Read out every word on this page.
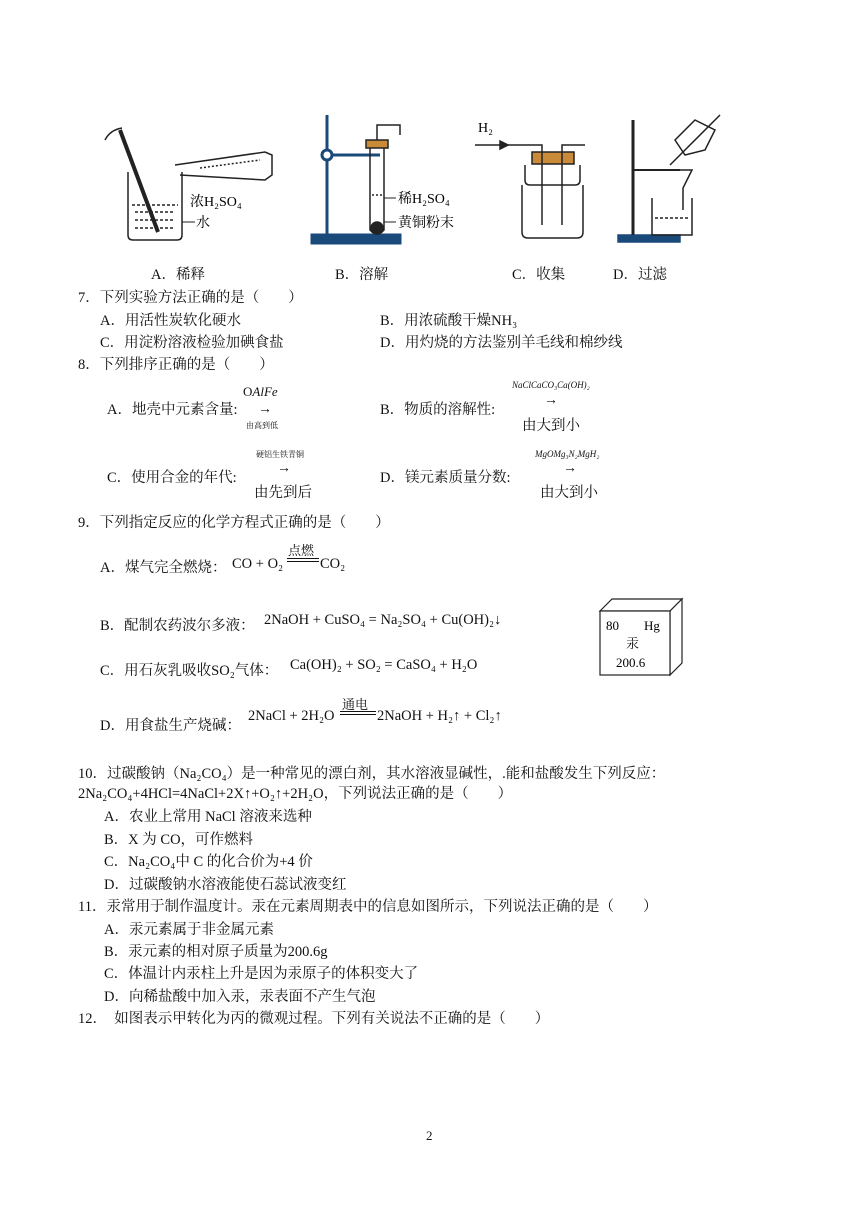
浓H₂SO₄
水
稀H₂SO₄
黄铜粉末
H₂
A．稀释	B．溶解	C．收集	D．过滤
7．下列实验方法正确的是（　　）
A．用活性炭软化硬水	B．用浓硫酸干燥NH₃
C．用淀粉溶液检验加碘食盐	D．用灼烧的方法鉴别羊毛线和棉纱线
8．下列排序正确的是（　　）
A．地壳中元素含量:
OAlFe
→
由高到低
B．物质的溶解性:
NaClCaCO₃Ca(OH)₂
→
由大到小
C．使用合金的年代:
硬铝生铁青铜
→
由先到后
D．镁元素质量分数:
MgOMg₃N₂MgH₂
→
由大到小
9．下列指定反应的化学方程式正确的是（　　）
A．煤气完全燃烧： CO + O₂
点燃
CO₂
B．配制农药波尔多液： 2NaOH + CuSO₄ = Na₂SO₄ + Cu(OH)₂↓
C．用石灰乳吸收SO₂气体： Ca(OH)₂ + SO₂ = CaSO₄ + H₂O
D．用食盐生产烧碱：
2NaCl + 2H₂O
通电
2NaOH + H₂↑ + Cl₂↑
80 Hg
汞
200.6
10．过碳酸钠（Na₂CO₄）是一种常见的漂白剂，其水溶液显碱性，.能和盐酸发生下列反应：
2Na₂CO₄+4HCl=4NaCl+2X↑+O₂↑+2H₂O，下列说法正确的是（　　）
A．农业上常用 NaCl 溶液来选种
B．X 为 CO，可作燃料
C．Na₂CO₄中 C 的化合价为+4 价
D．过碳酸钠水溶液能使石蕊试液变红
11．汞常用于制作温度计。汞在元素周期表中的信息如图所示，下列说法正确的是（　　）
A．汞元素属于非金属元素
B．汞元素的相对原子质量为200.6g
C．体温计内汞柱上升是因为汞原子的体积变大了
D．向稀盐酸中加入汞，汞表面不产生气泡
12．　如图表示甲转化为丙的微观过程。下列有关说法不正确的是（　　）
2
